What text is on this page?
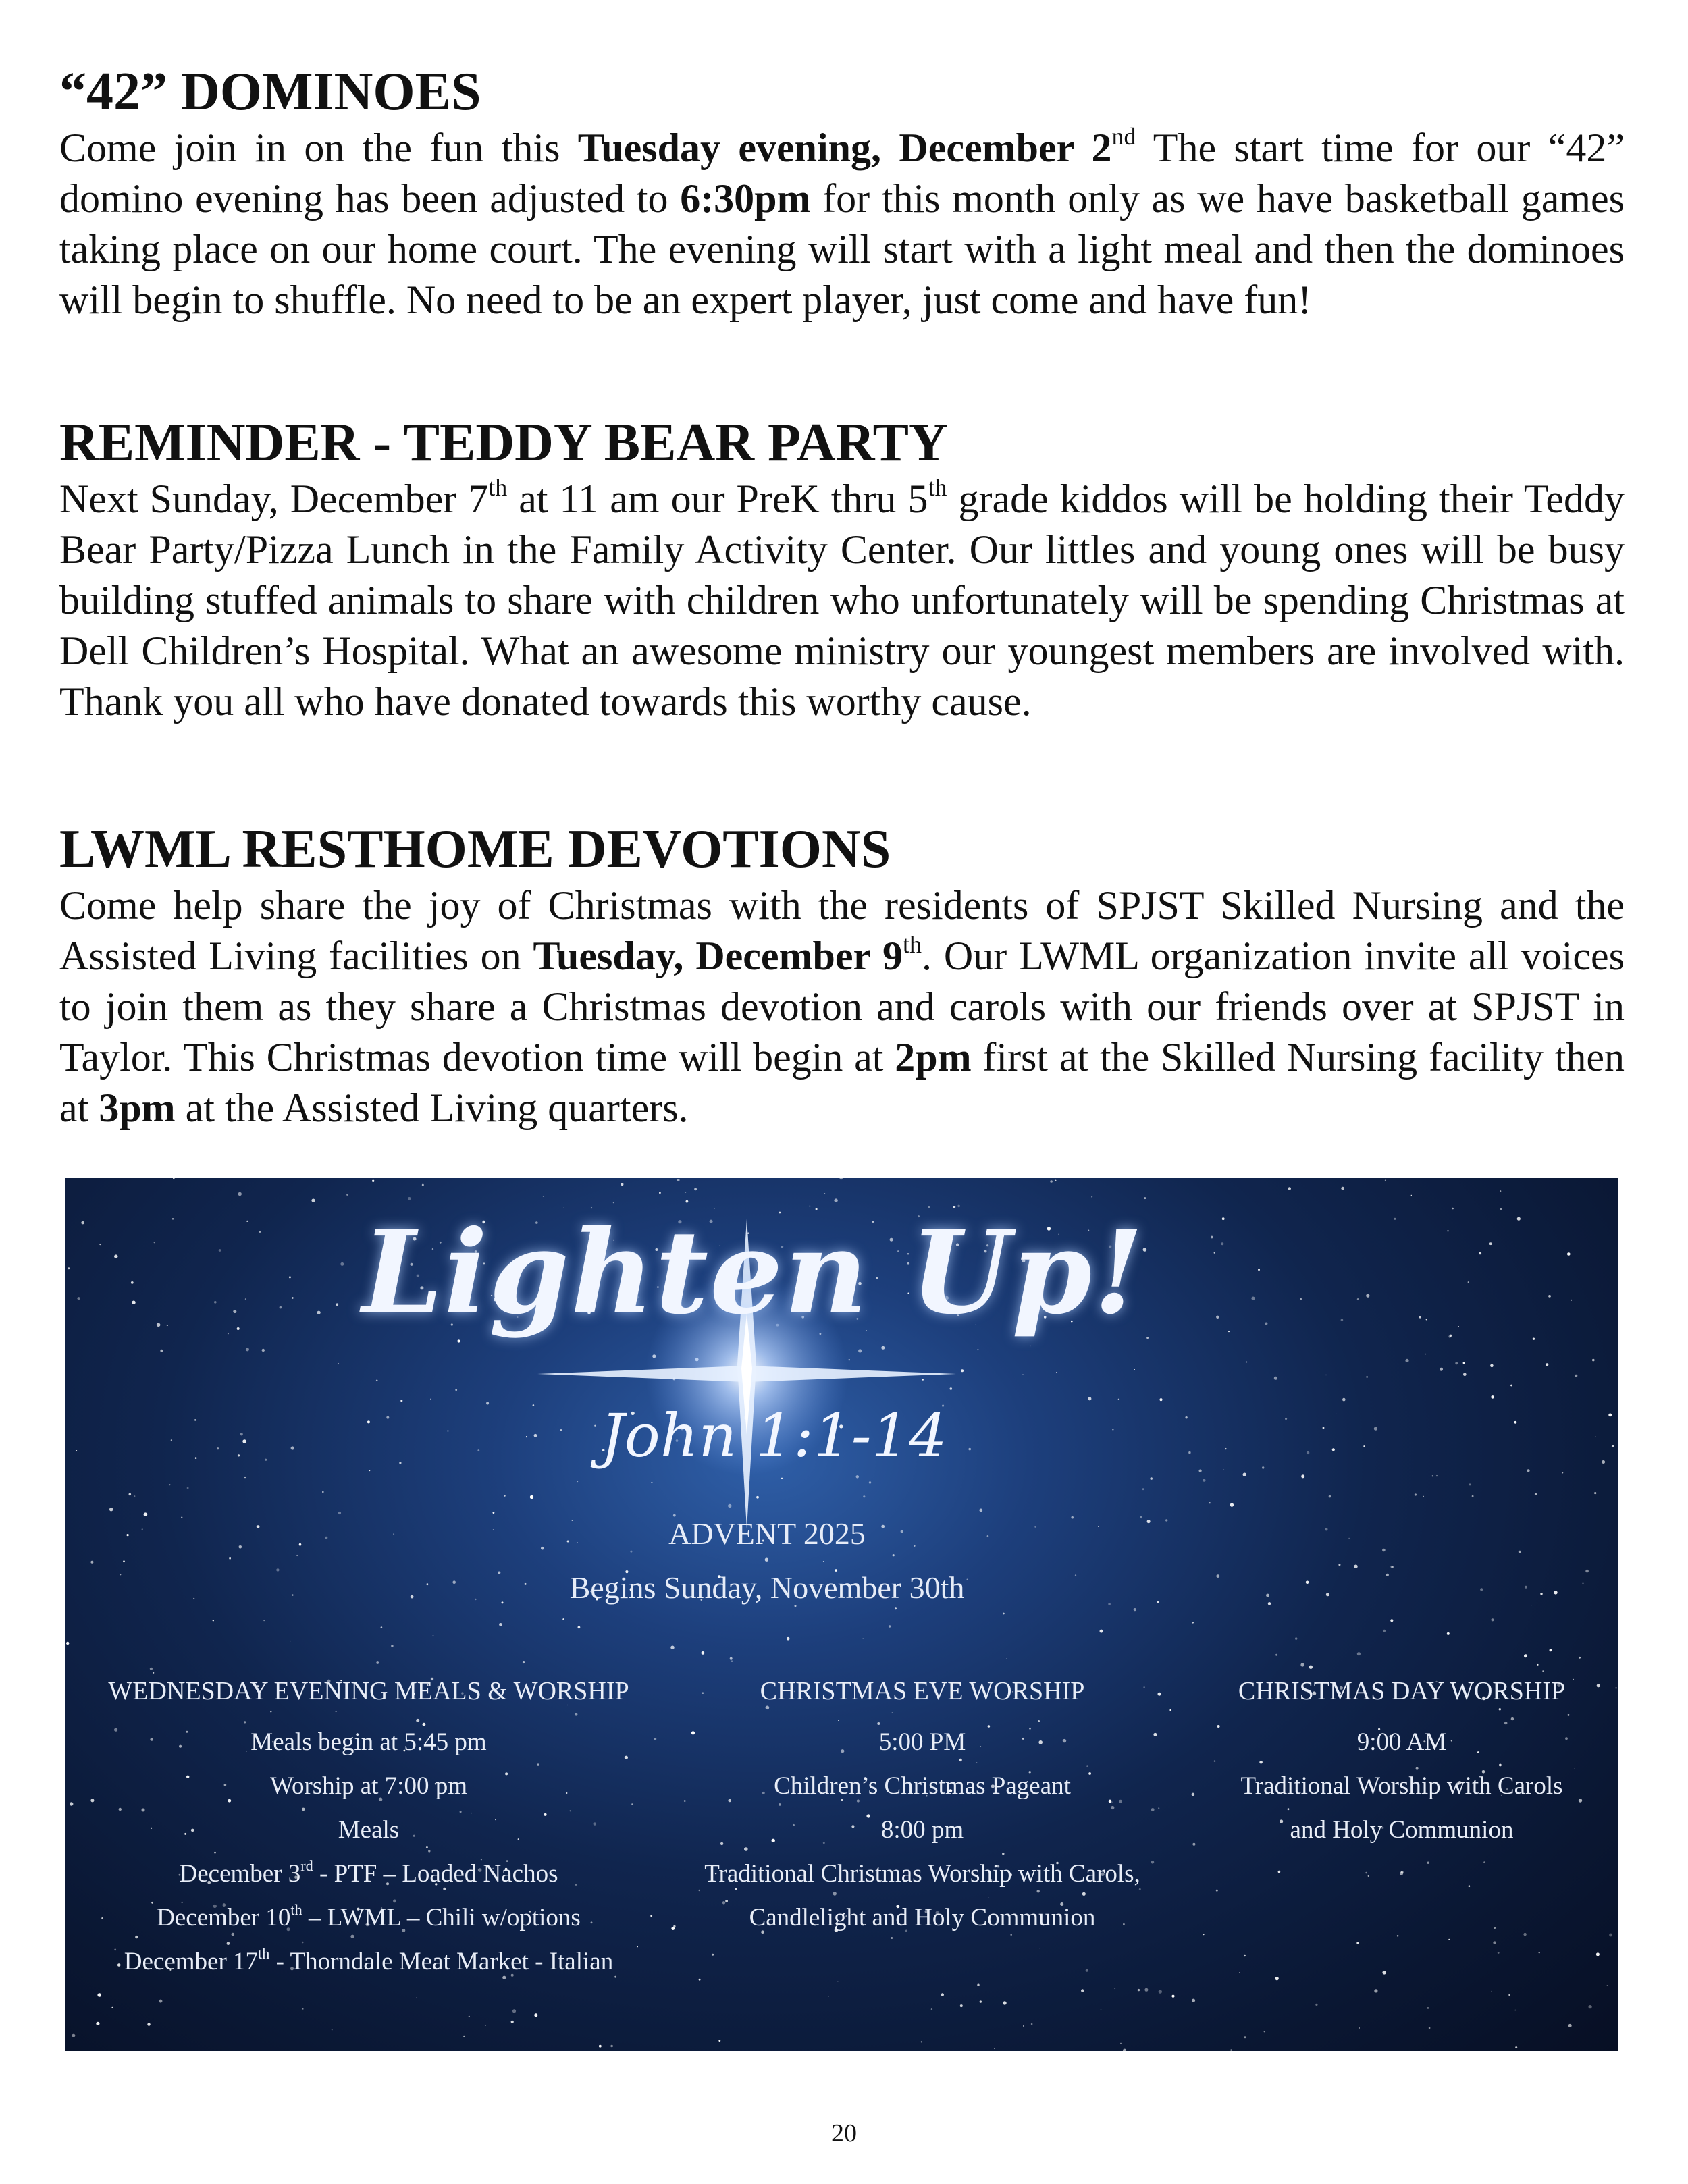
“42” DOMINOES

Come join in on the fun this Tuesday evening, December 2nd The start time for our “42” domino evening has been adjusted to 6:30pm for this month only as we have basketball games taking place on our home court. The evening will start with a light meal and then the dominoes will begin to shuffle. No need to be an expert player, just come and have fun!

REMINDER - TEDDY BEAR PARTY

Next Sunday, December 7th at 11 am our PreK thru 5th grade kiddos will be holding their Teddy Bear Party/Pizza Lunch in the Family Activity Center. Our littles and young ones will be busy building stuffed animals to share with children who unfortunately will be spending Christmas at Dell Children’s Hospital. What an awesome ministry our youngest members are involved with. Thank you all who have donated towards this worthy cause.

LWML RESTHOME DEVOTIONS

Come help share the joy of Christmas with the residents of SPJST Skilled Nursing and the Assisted Living facilities on Tuesday, December 9th. Our LWML organization invite all voices to join them as they share a Christmas devotion and carols with our friends over at SPJST in Taylor. This Christmas devotion time will begin at 2pm first at the Skilled Nursing facility then at 3pm at the Assisted Living quarters.

Lighten Up!
John 1:1-14
ADVENT 2025
Begins Sunday, November 30th
WEDNESDAY EVENING MEALS & WORSHIP
Meals begin at 5:45 pm
Worship at 7:00 pm
Meals
December 3rd - PTF – Loaded Nachos
December 10th – LWML – Chili w/options
December 17th - Thorndale Meat Market - Italian
CHRISTMAS EVE WORSHIP
5:00 PM
Children’s Christmas Pageant
8:00 pm
Traditional Christmas Worship with Carols,
Candlelight and Holy Communion
CHRISTMAS DAY WORSHIP
9:00 AM
Traditional Worship with Carols
and Holy Communion
20
